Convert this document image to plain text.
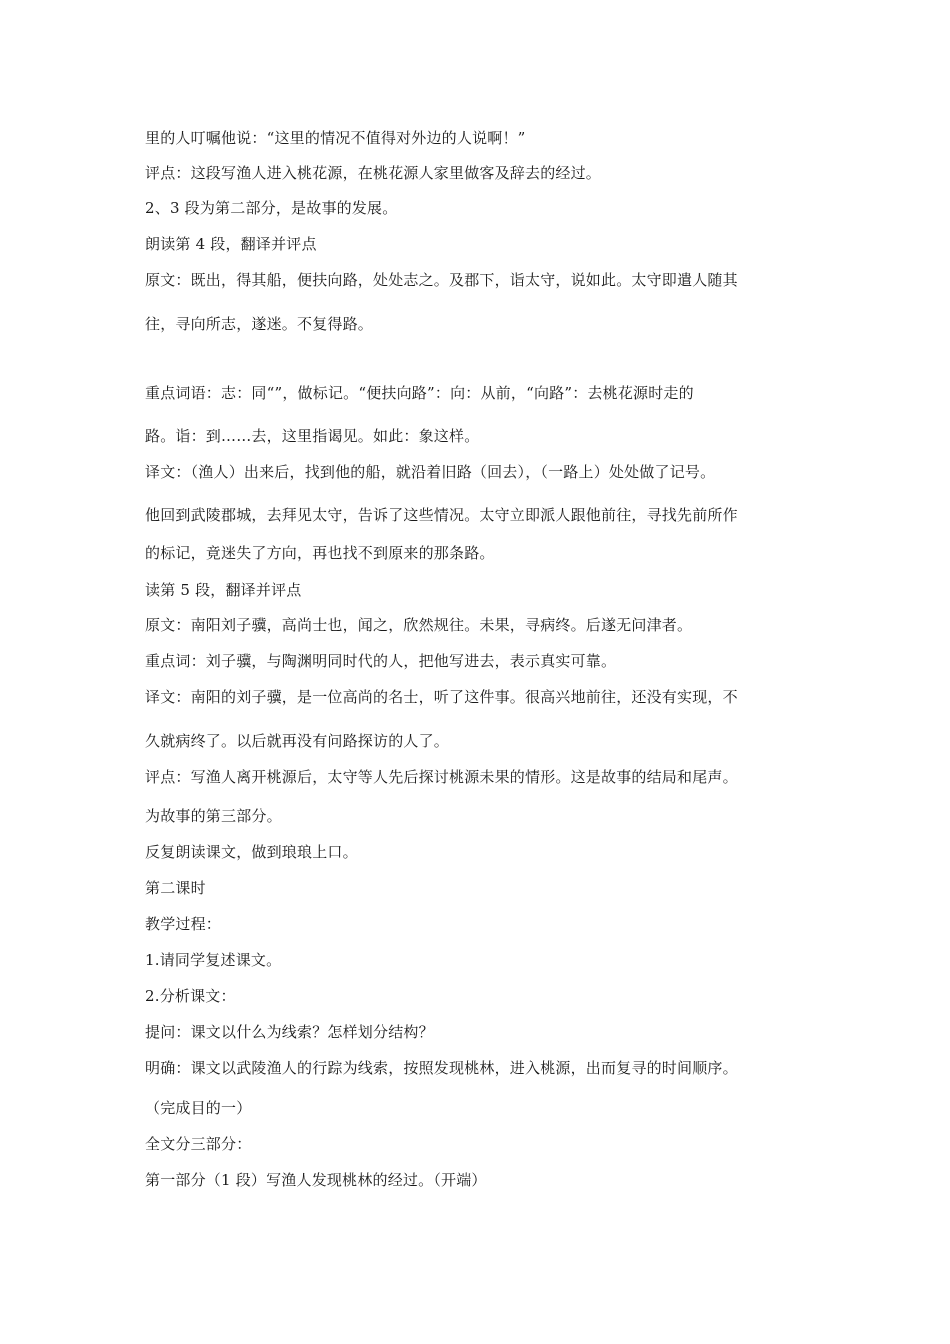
里的人叮嘱他说：“这里的情况不值得对外边的人说啊！”
评点：这段写渔人进入桃花源，在桃花源人家里做客及辞去的经过。
2、3 段为第二部分，是故事的发展。
朗读第 4 段，翻译并评点
原文：既出，得其船，便扶向路，处处志之。及郡下，诣太守，说如此。太守即遣人随其
往，寻向所志，遂迷。不复得路。
重点词语：志：同“”，做标记。“便扶向路”：向：从前，“向路”：去桃花源时走的
路。诣：到……去，这里指谒见。如此：象这样。
译文：（渔人）出来后，找到他的船，就沿着旧路（回去），（一路上）处处做了记号。
他回到武陵郡城，去拜见太守，告诉了这些情况。太守立即派人跟他前往，寻找先前所作
的标记，竟迷失了方向，再也找不到原来的那条路。
读第 5 段，翻译并评点
原文：南阳刘子骥，高尚士也，闻之，欣然规往。未果，寻病终。后遂无问津者。
重点词：刘子骥，与陶渊明同时代的人，把他写进去，表示真实可靠。
译文：南阳的刘子骥，是一位高尚的名士，听了这件事。很高兴地前往，还没有实现，不
久就病终了。以后就再没有问路探访的人了。
评点：写渔人离开桃源后，太守等人先后探讨桃源未果的情形。这是故事的结局和尾声。
为故事的第三部分。
反复朗读课文，做到琅琅上口。
第二课时
教学过程：
1.请同学复述课文。
2.分析课文：
提问：课文以什么为线索？怎样划分结构？
明确：课文以武陵渔人的行踪为线索，按照发现桃林，进入桃源，出而复寻的时间顺序。
（完成目的一）
全文分三部分：
第一部分（1 段）写渔人发现桃林的经过。（开端）
